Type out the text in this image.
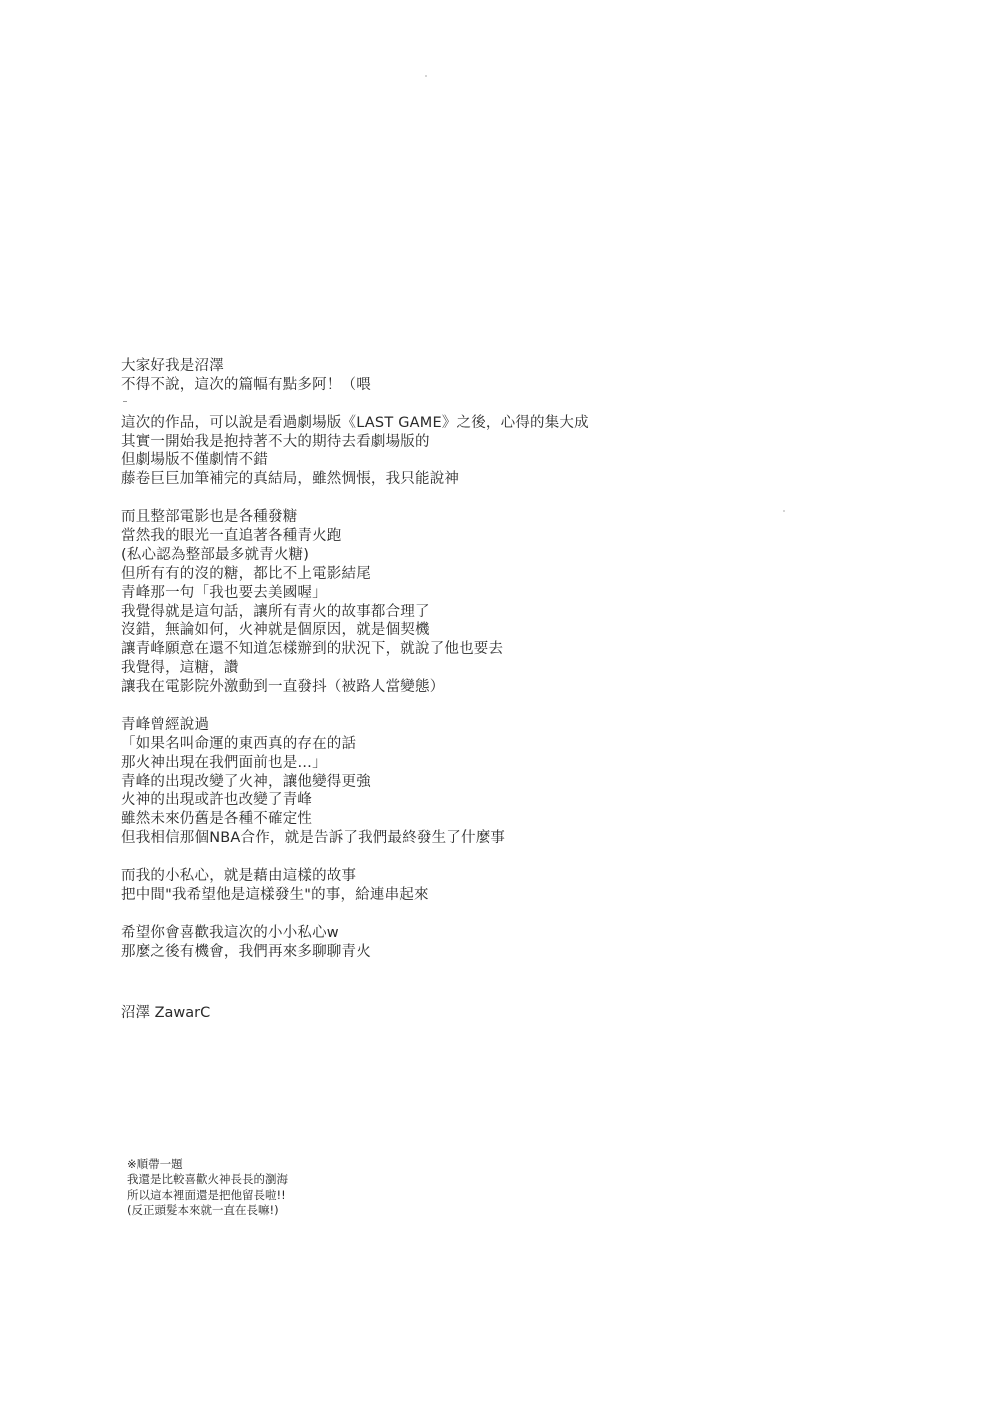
大家好我是沼澤
不得不說，這次的篇幅有點多阿！（喂
這次的作品，可以說是看過劇場版《LAST GAME》之後，心得的集大成
其實一開始我是抱持著不大的期待去看劇場版的
但劇場版不僅劇情不錯
藤卷巨巨加筆補完的真結局，雖然惆悵，我只能說神
而且整部電影也是各種發糖
當然我的眼光一直追著各種青火跑
(私心認為整部最多就青火糖)
但所有有的沒的糖，都比不上電影結尾
青峰那一句「我也要去美國喔」
我覺得就是這句話，讓所有青火的故事都合理了
沒錯，無論如何，火神就是個原因，就是個契機
讓青峰願意在還不知道怎樣辦到的狀況下，就說了他也要去
我覺得，這糖，讚
讓我在電影院外激動到一直發抖（被路人當變態）
青峰曾經說過
「如果名叫命運的東西真的存在的話
那火神出現在我們面前也是…」
青峰的出現改變了火神，讓他變得更強
火神的出現或許也改變了青峰
雖然未來仍舊是各種不確定性
但我相信那個NBA合作，就是告訴了我們最終發生了什麼事
而我的小私心，就是藉由這樣的故事
把中間"我希望他是這樣發生"的事，給連串起來
希望你會喜歡我這次的小小私心w
那麼之後有機會，我們再來多聊聊青火
沼澤 ZawarC
※順帶一題
我還是比較喜歡火神長長的瀏海
所以這本裡面還是把他留長啦!!
(反正頭髮本來就一直在長嘛!)
